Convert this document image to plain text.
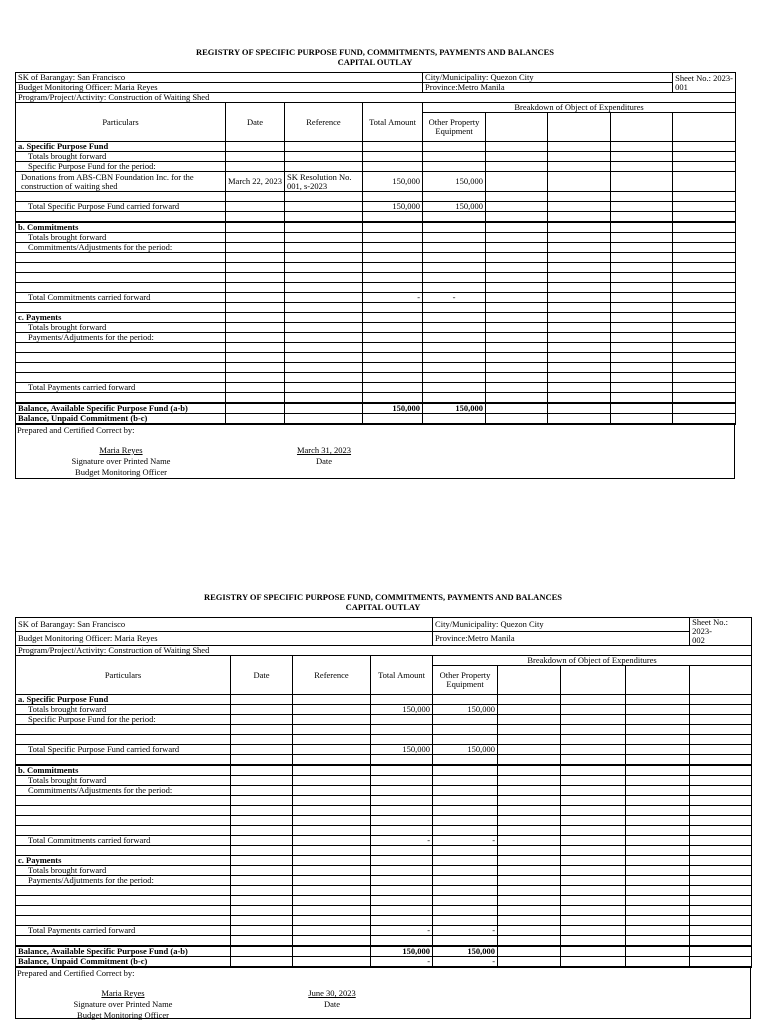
REGISTRY OF SPECIFIC PURPOSE FUND, COMMITMENTS, PAYMENTS AND BALANCES
CAPITAL OUTLAY
SK of Barangay: San Francisco				City/Municipality: Quezon City				Sheet No.: 2023-
001
Budget Monitoring Officer: Maria Reyes				Province:Metro Manila				
Program/Project/Activity: Construction of Waiting Shed								
Particulars	Date	Reference	Total Amount	Breakdown of Object of Expenditures				
				Other Property
Equipment				
a. Specific Purpose Fund								
Totals brought forward								
Specific Purpose Fund for the period:								
Donations from ABS-CBN Foundation Inc. for the
construction of waiting shed	March 22, 2023	SK Resolution No.
001, s-2023	150,000	150,000				

Total Specific Purpose Fund carried forward			150,000	150,000				

b. Commitments								
Totals brought forward								
Commitments/Adjustments for the period:								

Total Commitments carried forward			-	-				

c. Payments								
Totals brought forward								
Payments/Adjutments for the period:								

Total Payments carried forward								

Balance, Available Specific Purpose Fund (a-b)			150,000	150,000				
Balance, Unpaid Commitment (b-c)								
Prepared and Certified Correct by:
Maria Reyes
Signature over Printed Name
Budget Monitoring Officer
March 31, 2023
Date
REGISTRY OF SPECIFIC PURPOSE FUND, COMMITMENTS, PAYMENTS AND BALANCES
CAPITAL OUTLAY
SK of Barangay: San Francisco				City/Municipality: Quezon City				Sheet No.: 2023-
002
Budget Monitoring Officer: Maria Reyes				Province:Metro Manila				
Program/Project/Activity: Construction of Waiting Shed								
Particulars	Date	Reference	Total Amount	Breakdown of Object of Expenditures				
				Other Property
Equipment				
a. Specific Purpose Fund								
Totals brought forward			150,000	150,000				
Specific Purpose Fund for the period:								

Total Specific Purpose Fund carried forward			150,000	150,000				

b. Commitments								
Totals brought forward								
Commitments/Adjustments for the period:								

Total Commitments carried forward			-	-				

c. Payments								
Totals brought forward								
Payments/Adjutments for the period:								

Total Payments carried forward			-	-				

Balance, Available Specific Purpose Fund (a-b)			150,000	150,000				
Balance, Unpaid Commitment (b-c)			-	-				
Prepared and Certified Correct by:
Maria Reyes
Signature over Printed Name
Budget Monitoring Officer
June 30, 2023
Date
